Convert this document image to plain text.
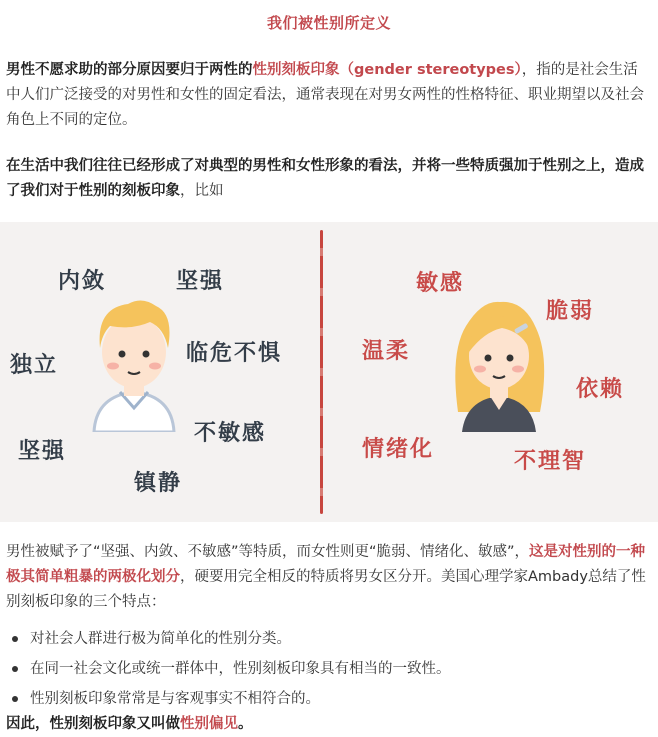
我们被性别所定义
男性不愿求助的部分原因要归于两性的性别刻板印象（gender stereotypes），指的是社会生活中人们广泛接受的对男性和女性的固定看法，通常表现在对男女两性的性格特征、职业期望以及社会角色上不同的定位。
在生活中我们往往已经形成了对典型的男性和女性形象的看法，并将一些特质强加于性别之上，造成了我们对于性别的刻板印象，比如
内敛	坚强
独立	临危不惧
不敏感
坚强
镇静
敏感
脆弱
温柔
依赖
情绪化	不理智
男性被赋予了“坚强、内敛、不敏感”等特质，而女性则更“脆弱、情绪化、敏感”，这是对性别的一种极其简单粗暴的两极化划分，硬要用完全相反的特质将男女区分开。美国心理学家Ambady总结了性别刻板印象的三个特点：
对社会人群进行极为简单化的性别分类。
在同一社会文化或统一群体中，性别刻板印象具有相当的一致性。
性别刻板印象常常是与客观事实不相符合的。
因此，性别刻板印象又叫做性别偏见。
